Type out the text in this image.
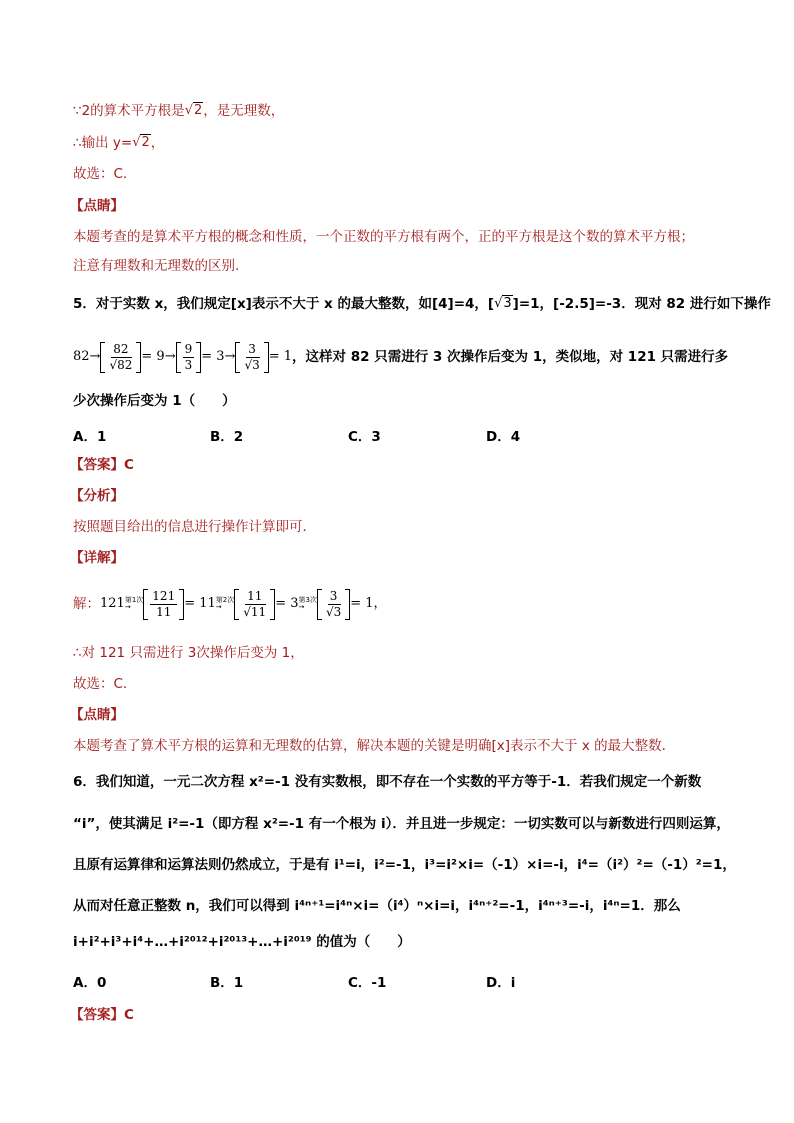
∵2的算术平方根是√2，是无理数，
∴输出 y=√2，
故选：C.
【点睛】
本题考查的是算术平方根的概念和性质，一个正数的平方根有两个，正的平方根是这个数的算术平方根；
注意有理数和无理数的区别.
5．对于实数 x，我们规定[x]表示不大于 x 的最大整数，如[4]=4，[√3]=1，[-2.5]=-3．现对 82 进行如下操作
$82 \to \frac{82}{√82} = 9 \to \frac{9}{3} = 3 \to \frac{3}{√3} = 1$ ，这样对 82 只需进行 3 次操作后变为 1，类似地，对 121 只需进行多
少次操作后变为 1（　　）
A．1	B．2	C．3	D．4
【答案】C
【分析】
按照题目给出的信息进行操作计算即可．
【详解】
解： 121 第1次
→	$\frac{121}{11} = 11$ 第2次
→	$\frac{11}{√11} = 3$ 第3次
→	$\frac{3}{√3} = 1$，
∴对 121 只需进行 3次操作后变为 1，
故选：C.
【点睛】
本题考查了算术平方根的运算和无理数的估算，解决本题的关键是明确[x]表示不大于 x 的最大整数．
6．我们知道，一元二次方程 x²=-1 没有实数根，即不存在一个实数的平方等于-1．若我们规定一个新数
“i”，使其满足 i²=-1（即方程 x²=-1 有一个根为 i）．并且进一步规定：一切实数可以与新数进行四则运算，
且原有运算律和运算法则仍然成立，于是有 i¹=i，i²=-1，i³=i²×i=（-1）×i=-i，i⁴=（i²）²=（-1）²=1，
从而对任意正整数 n，我们可以得到 i⁴ⁿ⁺¹=i⁴ⁿ×i=（i⁴）ⁿ×i=i，i⁴ⁿ⁺²=-1，i⁴ⁿ⁺³=-i，i⁴ⁿ=1．那么
i+i²+i³+i⁴+…+i²⁰¹²+i²⁰¹³+…+i²⁰¹⁹ 的值为（　　）
A．0	B．1	C．-1	D．i
【答案】C
